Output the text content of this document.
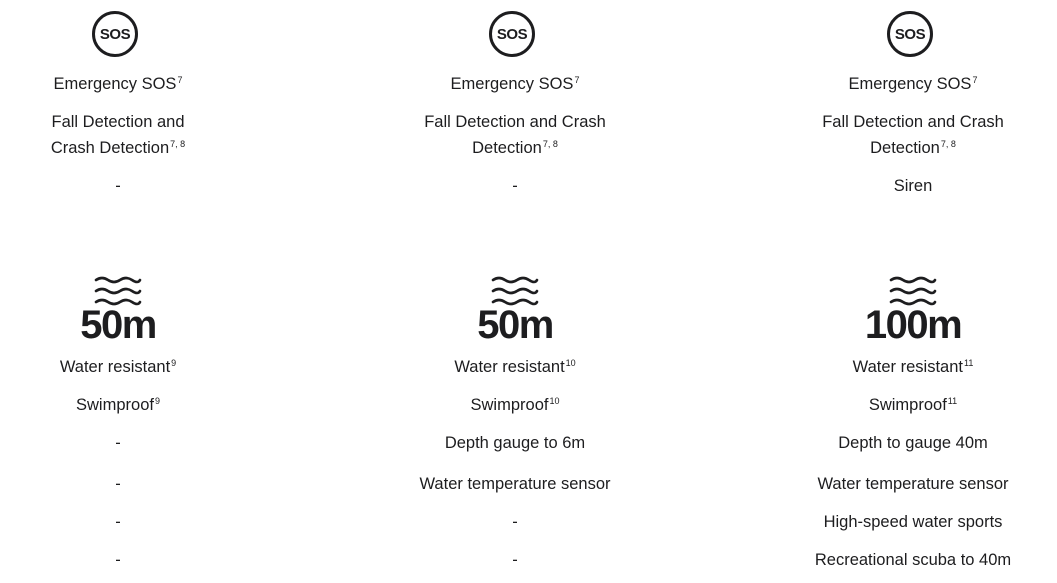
SOS
Emergency SOS$^7$
Fall Detection and Crash Detection$^{7, 8}$
-
50m
Water resistant$^9$
Swimproof$^9$
-
-
-
-
SOS
Emergency SOS$^7$
Fall Detection and Crash Detection$^{7, 8}$
-
50m
Water resistant$^{10}$
Swimproof$^{10}$
Depth gauge to 6m
Water temperature sensor
-
-
SOS
Emergency SOS$^7$
Fall Detection and Crash Detection$^{7, 8}$
Siren
100m
Water resistant$^{11}$
Swimproof$^{11}$
Depth to gauge 40m
Water temperature sensor
High-speed water sports
Recreational scuba to 40m
